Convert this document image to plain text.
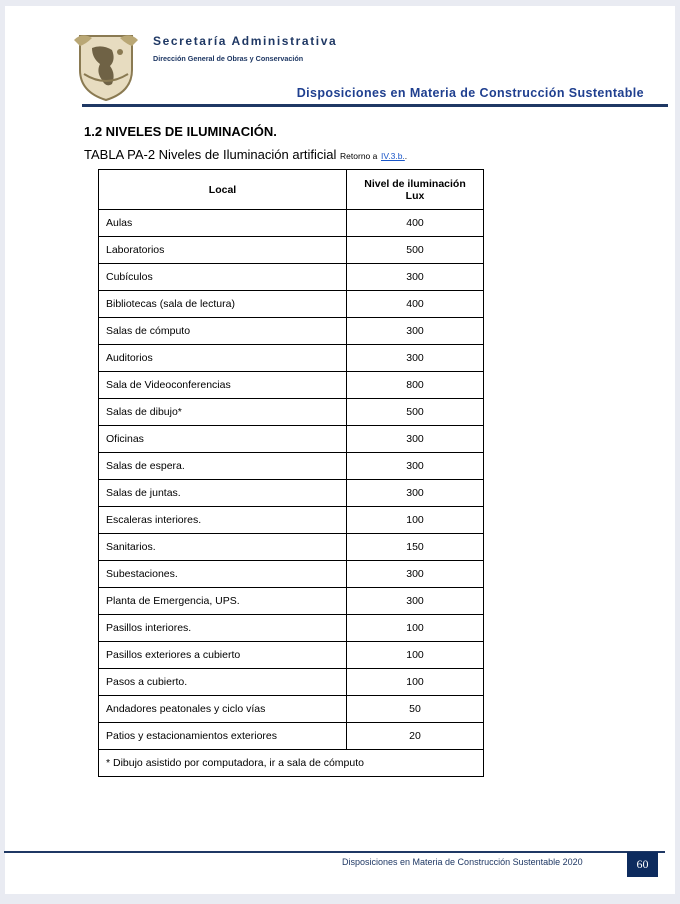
Secretaría Administrativa
Dirección General de Obras y Conservación
Disposiciones en Materia de Construcción Sustentable
1.2 NIVELES DE ILUMINACIÓN.
TABLA PA-2 Niveles de Iluminación artificial Retorno a IV.3.b..
Local	Nivel de iluminación
Lux
Aulas	400
Laboratorios	500
Cubículos	300
Bibliotecas (sala de lectura)	400
Salas de cómputo	300
Auditorios	300
Sala de Videoconferencias	800
Salas de dibujo*	500
Oficinas	300
Salas de espera.	300
Salas de juntas.	300
Escaleras interiores.	100
Sanitarios.	150
Subestaciones.	300
Planta de Emergencia, UPS.	300
Pasillos interiores.	100
Pasillos exteriores a cubierto	100
Pasos a cubierto.	100
Andadores peatonales y ciclo vías	50
Patios y estacionamientos exteriores	20
* Dibujo asistido por computadora, ir a sala de cómputo	
Disposiciones en Materia de Construcción Sustentable 2020	60
